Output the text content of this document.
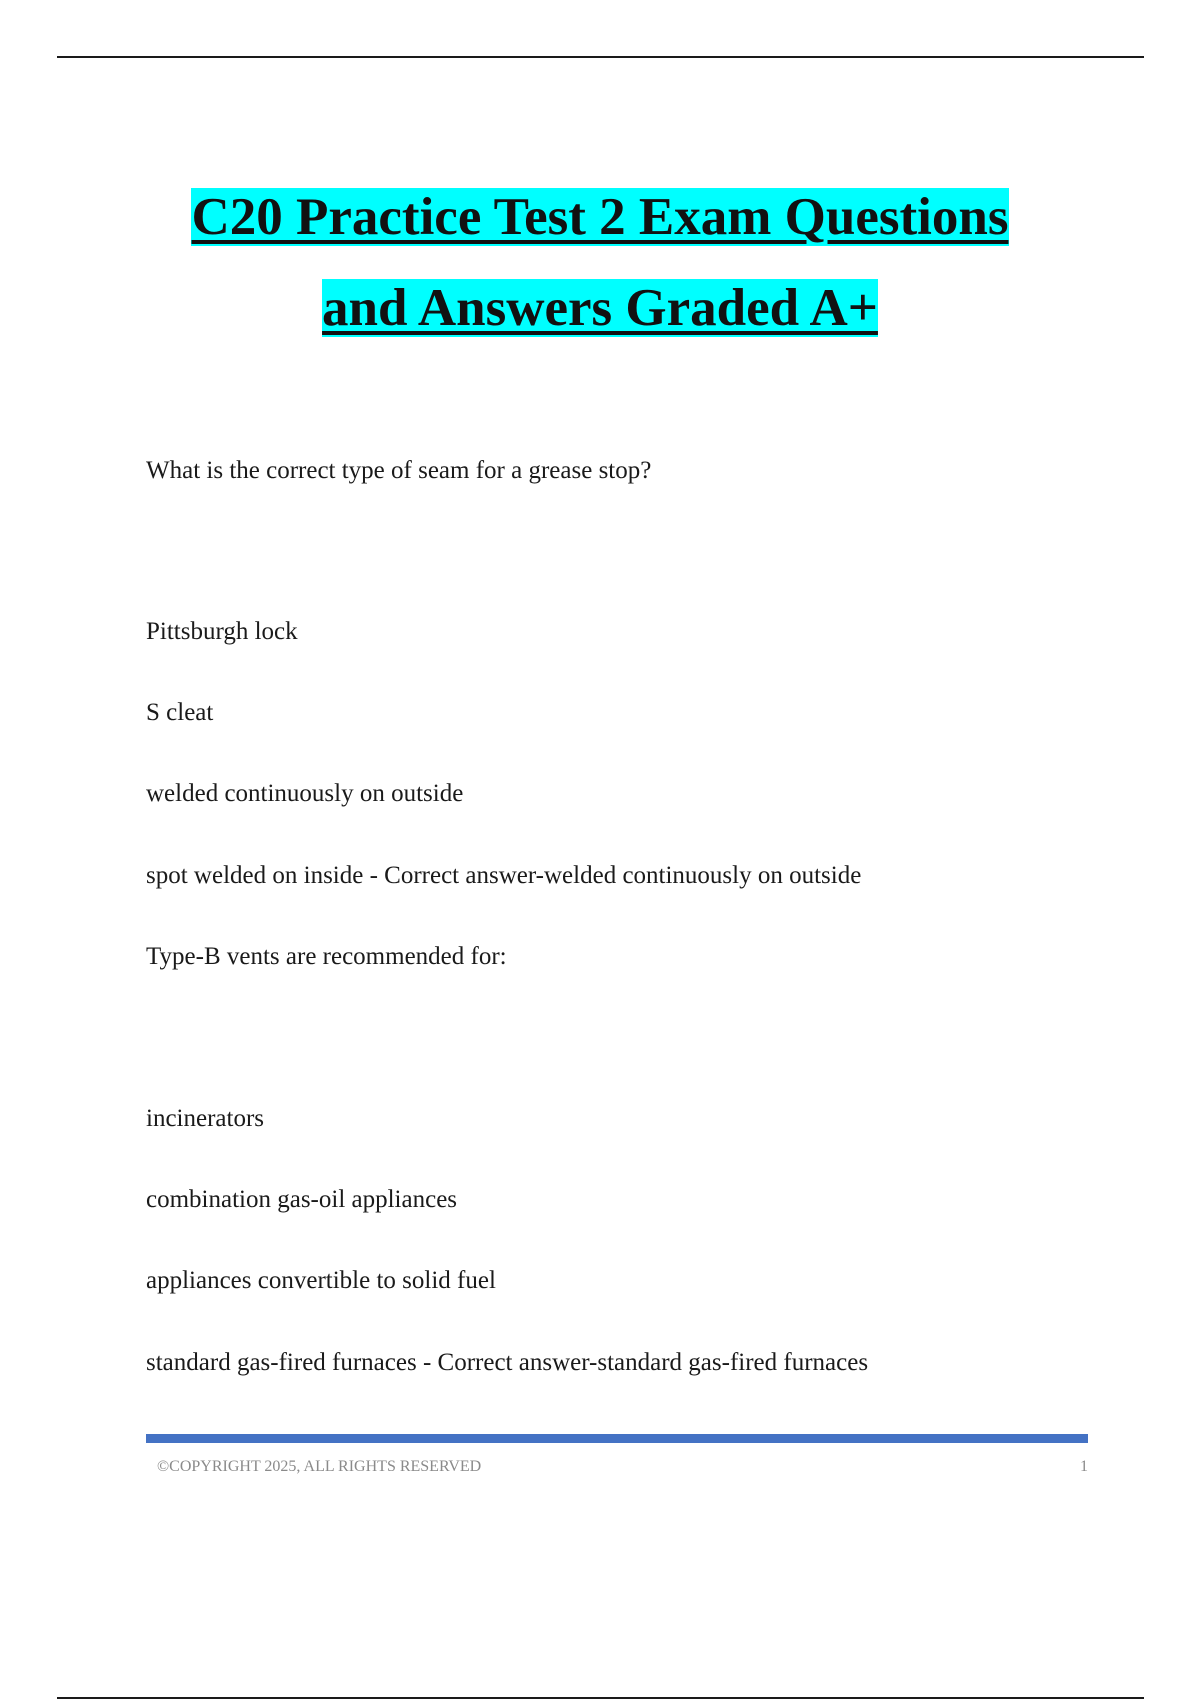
C20 Practice Test 2 Exam Questions and Answers Graded A+

What is the correct type of seam for a grease stop?

Pittsburgh lock

S cleat

welded continuously on outside

spot welded on inside - Correct answer-welded continuously on outside

Type-B vents are recommended for:

incinerators

combination gas-oil appliances

appliances convertible to solid fuel

standard gas-fired furnaces - Correct answer-standard gas-fired furnaces

©COPYRIGHT 2025, ALL RIGHTS RESERVED	1
